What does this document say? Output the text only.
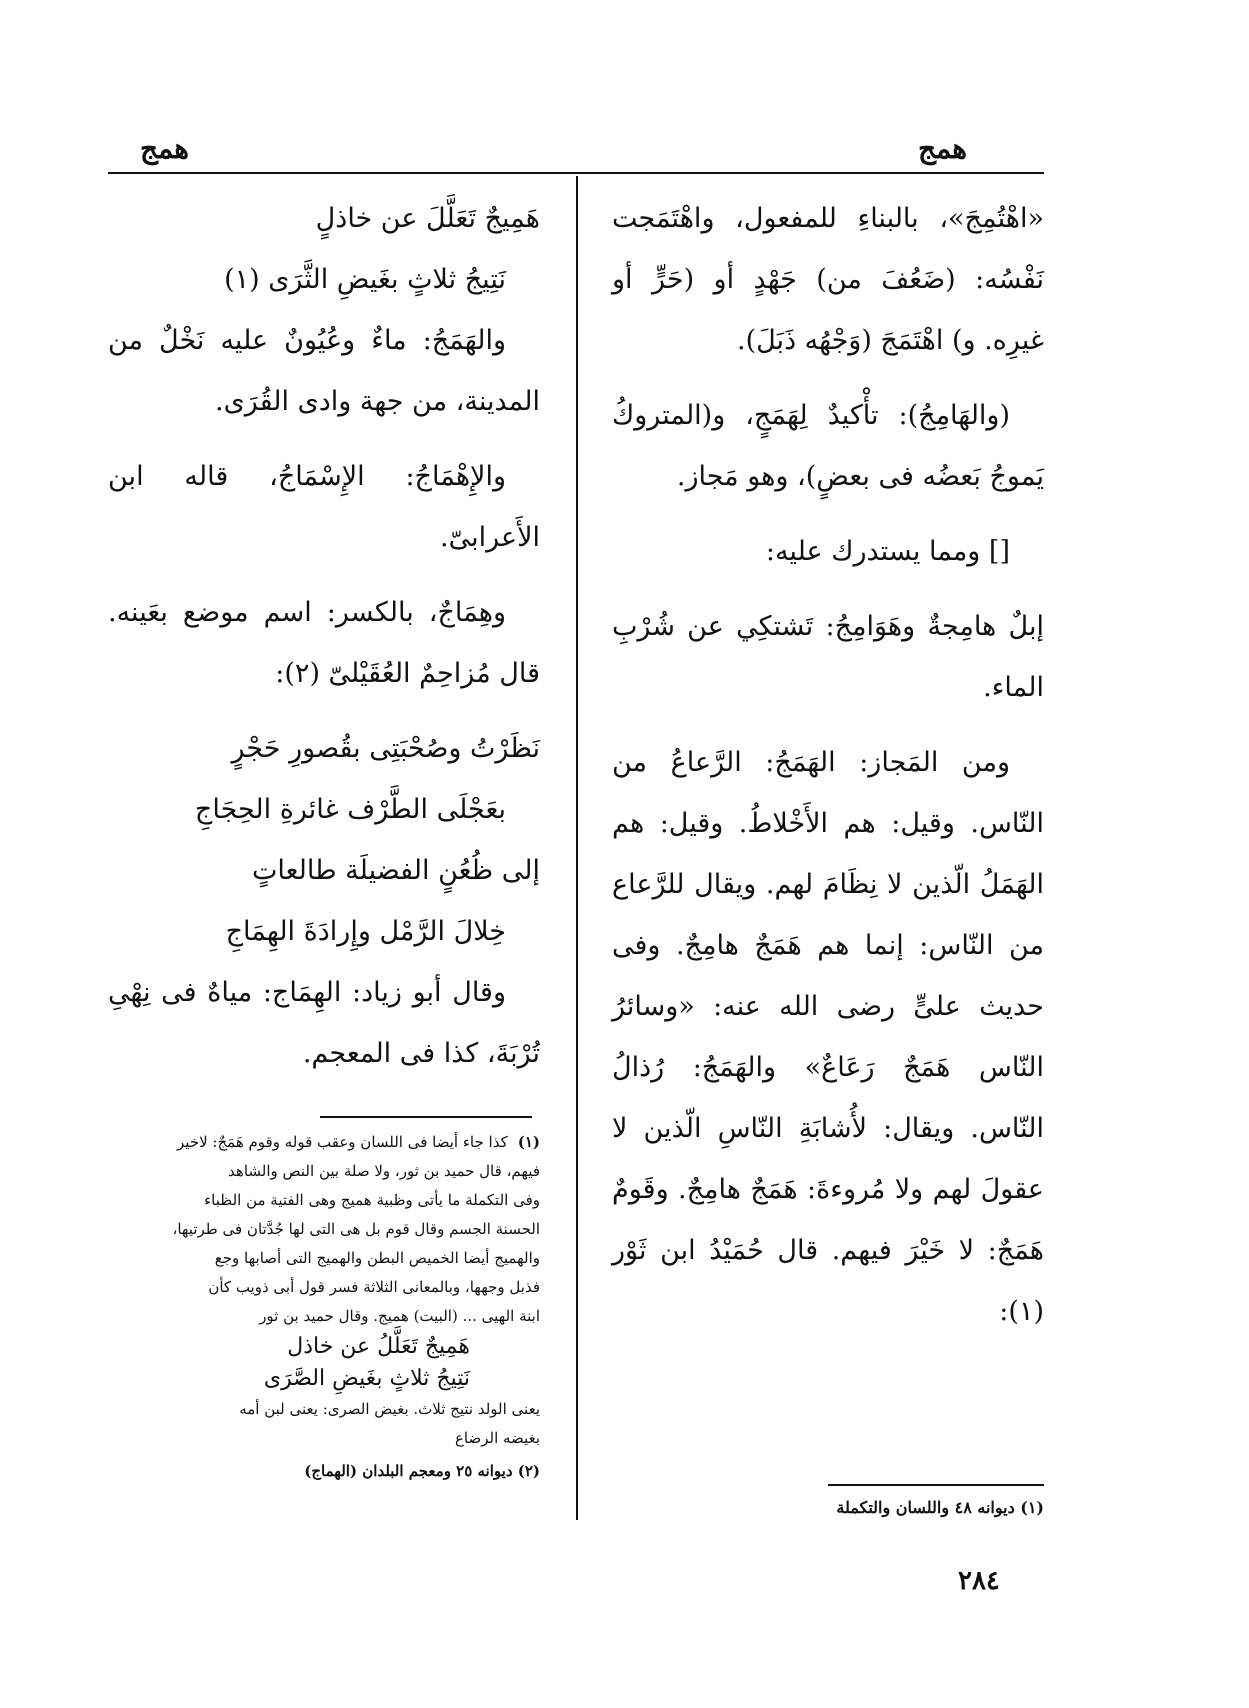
همج	همج

«اهْتُمِجَ»، بالبناءِ للمفعول، واهْتَمَجت نَفْسُه: (ضَعُفَ من) جَهْدٍ أو (حَرٍّ أو غيرِه. و) اهْتَمَجَ (وَجْهُه ذَبَلَ).

(والهَامِجُ): تأْكيدٌ لِهَمَجٍ، و(المتروكُ يَموجُ بَعضُه فى بعضٍ)، وهو مَجاز.

[] ومما يستدرك عليه:

إبلٌ هامِجةٌ وهَوَامِجُ: تَشتكِي عن شُرْبِ الماء.

ومن المَجاز: الهَمَجُ: الرَّعاعُ من النّاس. وقيل: هم الأَخْلاطُ. وقيل: هم الهَمَلُ الّذين لا نِظَامَ لهم. ويقال للرَّعاع من النّاس: إنما هم هَمَجٌ هامِجٌ. وفى حديث علىٍّ رضى الله عنه: «وسائرُ النّاس هَمَجٌ رَعَاعٌ» والهَمَجُ: رُذالُ النّاس. ويقال: لأُشابَةِ النّاسِ الّذين لا عقولَ لهم ولا مُروءةَ: هَمَجٌ هامِجٌ. وقَومٌ هَمَجٌ: لا خَيْرَ فيهم. قال حُمَيْدُ ابن ثَوْر (١):

هَمِيجٌ تَعَلَّلَ عن خاذلٍ

نَتِيجُ ثلاثٍ بغَيضِ الثَّرَى (١)

والهَمَجُ: ماءٌ وعُيُونٌ عليه نَخْلٌ من المدينة، من جهة وادى القُرَى.

والإِهْمَاجُ: الإِسْمَاجُ، قاله ابن الأَعرابىّ.

وهِمَاجٌ، بالكسر: اسم موضع بعَينه. قال مُزاحِمٌ العُقَيْلىّ (٢):

نَظَرْتُ وصُحْبَتِى بقُصورِ حَجْرٍ

بعَجْلَى الطَّرْف غائرةِ الحِجَاجِ

إلى ظُعُنٍ الفضيلَة طالعاتٍ

خِلالَ الرَّمْل وإِرادَةَ الهِمَاجِ

وقال أبو زياد: الهِمَاج: مياهٌ فى نِهْىِ تُرْبَةَ، كذا فى المعجم.

(١)كذا جاء أيضا فى اللسان وعقب قوله وقوم هَمَجٌ: لاخير

فيهم، قال حميد بن ثور، ولا صلة بين النص والشاهد

وفى التكملة ما يأتى وظبية هميج وهى الفتية من الظباء

الحسنة الجسم وقال قوم بل هى التى لها جُدَّتان فى طرتيها،

والهميج أيضا الخميص البطن والهميج التى أصابها وجع

فذبل وجهها، وبالمعانى الثلاثة فسر قول أبى ذويب كأن

ابنة الهيى ... (البيت) هميج. وقال حميد بن ثور

هَمِيجٌ تَعَلَّلُ عن خاذل

نَتِيجُ ثلاثٍ بغَيضِ الصَّرَى

يعنى الولد نتيج ثلاث. بغيض الصرى: يعنى لبن أمه

بغيضه الرضاع

(٢) ديوانه ٢٥ ومعجم البلدان (الهماج)

(١) ديوانه ٤٨ واللسان والتكملة
٢٨٤
